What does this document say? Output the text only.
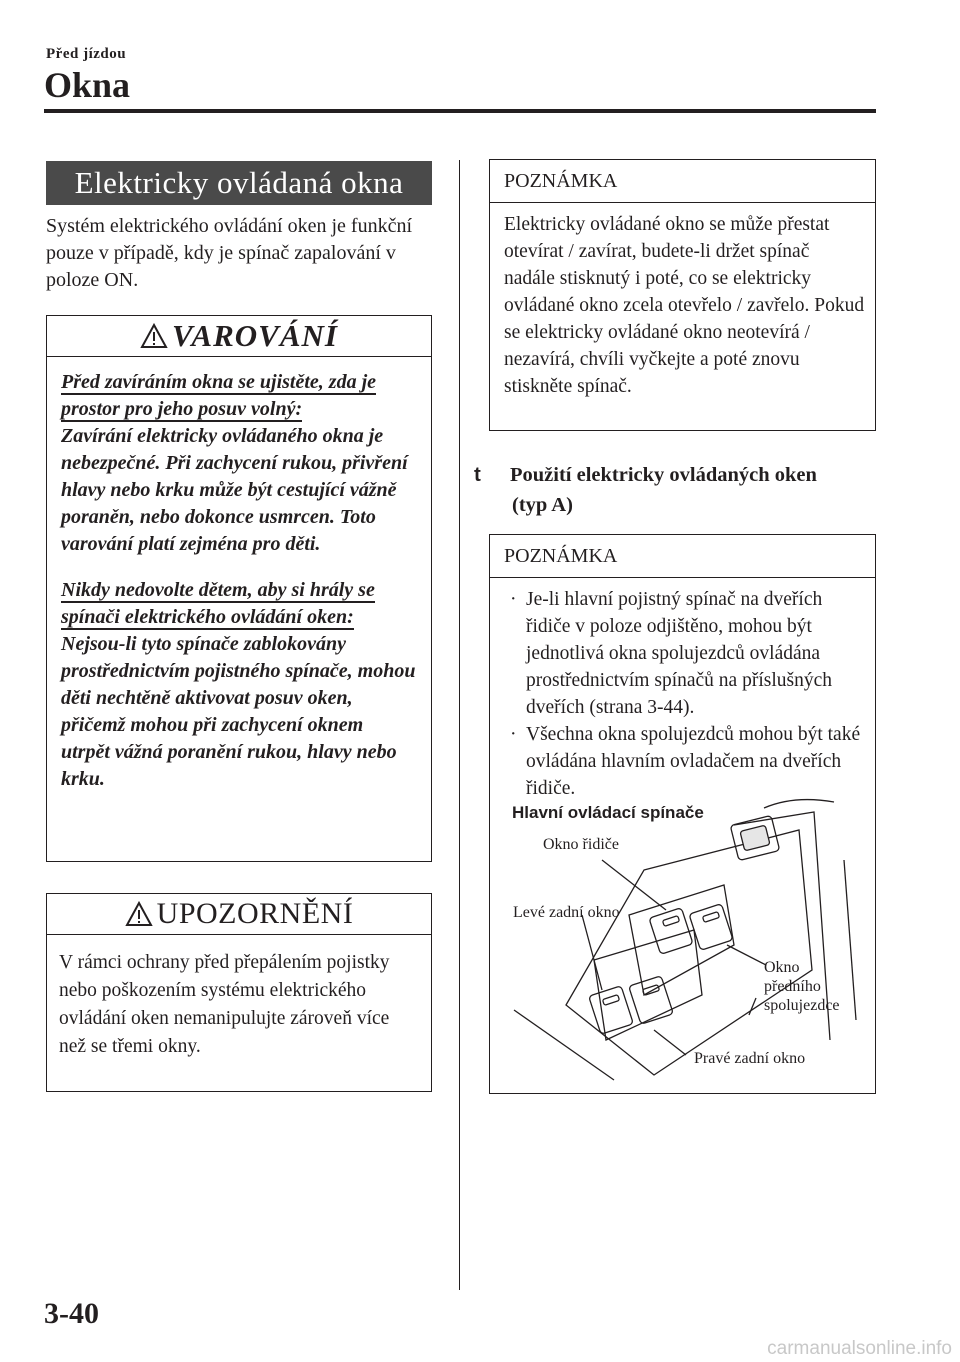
Před jízdou
Okna
Elektricky ovládaná okna
Systém elektrického ovládání oken je funkční pouze v případě, kdy je spínač zapalování v poloze ON.
VAROVÁNÍ

Před zavíráním okna se ujistěte, zda je prostor pro jeho posuv volný:
Zavírání elektricky ovládaného okna je nebezpečné. Při zachycení rukou, přivření hlavy nebo krku může být cestující vážně poraněn, nebo dokonce usmrcen. Toto varování platí zejména pro děti.

Nikdy nedovolte dětem, aby si hrály se spínači elektrického ovládání oken:
Nejsou-li tyto spínače zablokovány prostřednictvím pojistného spínače, mohou děti nechtěně aktivovat posuv oken, přičemž mohou při zachycení oknem utrpět vážná poranění rukou, hlavy nebo krku.

UPOZORNĚNÍ
V rámci ochrany před přepálením pojistky nebo poškozením systému elektrického ovládání oken nemanipulujte zároveň více než se třemi okny.
POZNÁMKA
Elektricky ovládané okno se může přestat otevírat / zavírat, budete-li držet spínač nadále stisknutý i poté, co se elektricky ovládané okno zcela otevřelo / zavřelo. Pokud se elektricky ovládané okno neotevírá / nezavírá, chvíli vyčkejte a poté znovu stiskněte spínač.
t Použití elektricky ovládaných oken
(typ A)
POZNÁMKA
· Je-li hlavní pojistný spínač na dveřích řidiče v poloze odjištěno, mohou být jednotlivá okna spolujezdců ovládána prostřednictvím spínačů na příslušných dveřích (strana 3-44).
· Všechna okna spolujezdců mohou být také ovládána hlavním ovladačem na dveřích řidiče.
Hlavní ovládací spínače
Okno řidiče
Levé zadní okno
Okno
předního
spolujezdce
Pravé zadní okno
3-40
carmanualsonline.info
